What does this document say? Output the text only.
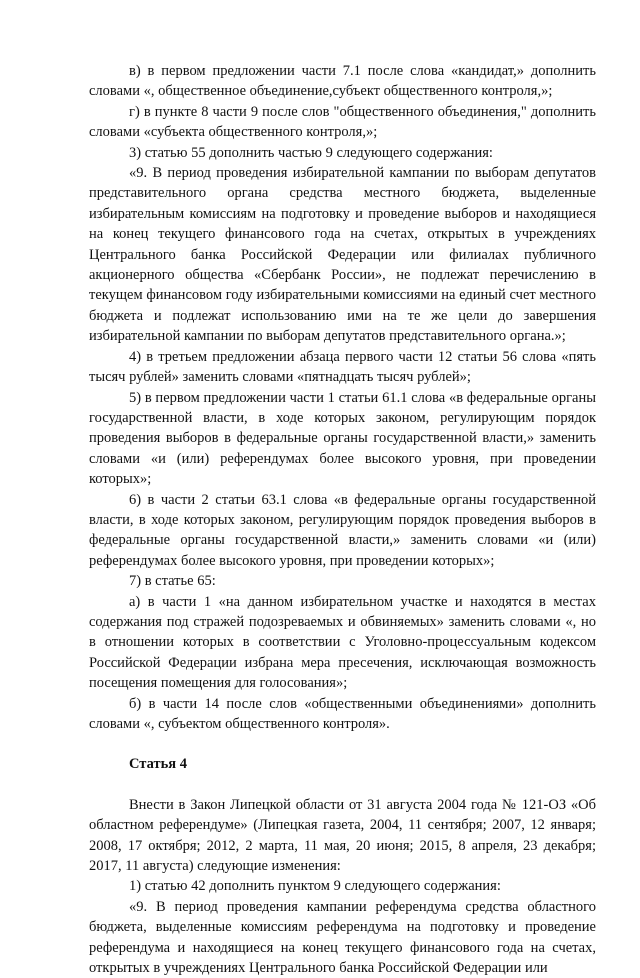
в) в первом предложении части 7.1 после слова «кандидат,» дополнить словами «, общественное объединение,субъект общественного контроля,»;

г) в пункте 8 части 9 после слов "общественного объединения," дополнить словами «субъекта общественного контроля,»;

3) статью 55 дополнить частью 9 следующего содержания:

«9. В период проведения избирательной кампании по выборам депутатов представительного органа средства местного бюджета, выделенные избирательным комиссиям на подготовку и проведение выборов и находящиеся на конец текущего финансового года на счетах, открытых в учреждениях Центрального банка Российской Федерации или филиалах публичного акционерного общества «Сбербанк России», не подлежат перечислению в текущем финансовом году избирательными комиссиями на единый счет местного бюджета и подлежат использованию ими на те же цели до завершения избирательной кампании по выборам депутатов представительного органа.»;

4) в третьем предложении абзаца первого части 12 статьи 56 слова «пять тысяч рублей» заменить словами «пятнадцать тысяч рублей»;

5) в первом предложении части 1 статьи 61.1 слова «в федеральные органы государственной власти, в ходе которых законом, регулирующим порядок проведения выборов в федеральные органы государственной власти,» заменить словами «и (или) референдумах более высокого уровня, при проведении которых»;

6) в части 2 статьи 63.1 слова «в федеральные органы государственной власти, в ходе которых законом, регулирующим порядок проведения выборов в федеральные органы государственной власти,» заменить словами «и (или) референдумах более высокого уровня, при проведении которых»;

7) в статье 65:

а) в части 1 «на данном избирательном участке и находятся в местах содержания под стражей подозреваемых и обвиняемых» заменить словами «, но в отношении которых в соответствии с Уголовно-процессуальным кодексом Российской Федерации избрана мера пресечения, исключающая возможность посещения помещения для голосования»;

б) в части 14 после слов «общественными объединениями» дополнить словами «, субъектом общественного контроля».

Статья 4

Внести в Закон Липецкой области от 31 августа 2004 года № 121-ОЗ «Об областном референдуме» (Липецкая газета, 2004, 11 сентября; 2007, 12 января; 2008, 17 октября; 2012, 2 марта, 11 мая, 20 июня; 2015, 8 апреля, 23 декабря; 2017, 11 августа) следующие изменения:

1) статью 42 дополнить пунктом 9 следующего содержания:

«9. В период проведения кампании референдума средства областного бюджета, выделенные комиссиям референдума на подготовку и проведение референдума и находящиеся на конец текущего финансового года на счетах, открытых в учреждениях Центрального банка Российской Федерации или
